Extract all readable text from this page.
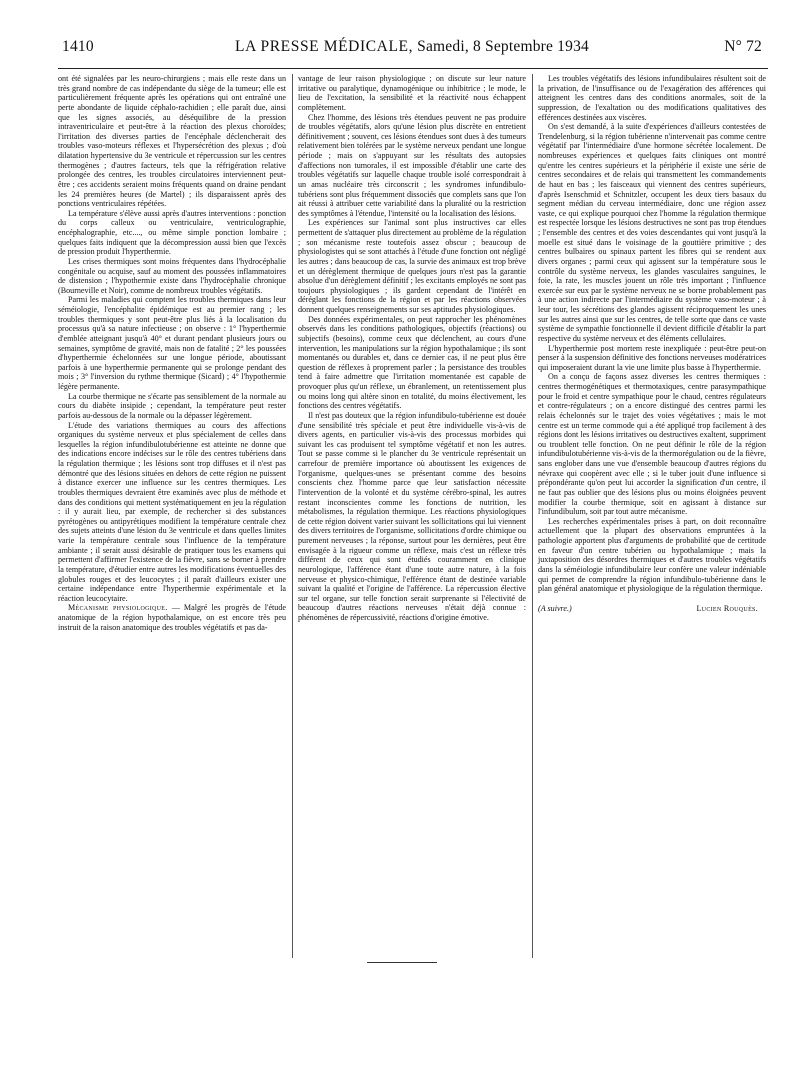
1410	LA PRESSE MÉDICALE, Samedi, 8 Septembre 1934	N° 72

ont été signalées par les neuro-chirurgiens ; mais elle reste dans un très grand nombre de cas indépendante du siège de la tumeur; elle est particulièrement fréquente après les opérations qui ont entraîné une perte abondante de liquide céphalo-rachidien ; elle paraît due, ainsi que les signes associés, au déséquilibre de la pression intraventriculaire et peut-être à la réaction des plexus choroïdes; l'irritation des diverses parties de l'encéphale déclencherait des troubles vaso-moteurs réflexes et l'hypersécrétion des plexus ; d'où dilatation hypertensive du 3e ventricule et répercussion sur les centres thermogènes ; d'autres facteurs, tels que la réfrigération relative prolongée des centres, les troubles circulatoires interviennent peut-être ; ces accidents seraient moins fréquents quand on draine pendant les 24 premières heures (de Martel) ; ils disparaissent après des ponctions ventriculaires répétées.

La température s'élève aussi après d'autres interventions : ponction du corps calleux ou ventriculaire, ventriculographie, encéphalographie, etc...., ou même simple ponction lombaire ; quelques faits indiquent que la décompression aussi bien que l'excès de pression produit l'hyperthermie.

Les crises thermiques sont moins fréquentes dans l'hydrocéphalie congénitale ou acquise, sauf au moment des poussées inflammatoires de distension ; l'hypothermie existe dans l'hydrocéphalie chronique (Bourneville et Noir), comme de nombreux troubles végétatifs.

Parmi les maladies qui comptent les troubles thermiques dans leur séméiologie, l'encéphalite épidémique est au premier rang ; les troubles thermiques y sont peut-être plus liés à la localisation du processus qu'à sa nature infectieuse ; on observe : 1° l'hyperthermie d'emblée atteignant jusqu'à 40° et durant pendant plusieurs jours ou semaines, symptôme de gravité, mais non de fatalité ; 2° les poussées d'hyperthermie échelonnées sur une longue période, aboutissant parfois à une hyperthermie permanente qui se prolonge pendant des mois ; 3° l'inversion du rythme thermique (Sicard) ; 4° l'hypothermie légère permanente.

La courbe thermique ne s'écarte pas sensiblement de la normale au cours du diabète insipide ; cependant, la température peut rester parfois au-dessous de la normale ou la dépasser légèrement.

L'étude des variations thermiques au cours des affections organiques du système nerveux et plus spécialement de celles dans lesquelles la région infundibulotubérienne est atteinte ne donne que des indications encore indécises sur le rôle des centres tubériens dans la régulation thermique ; les lésions sont trop diffuses et il n'est pas démontré que des lésions situées en dehors de cette région ne puissent à distance exercer une influence sur les centres thermiques. Les troubles thermiques devraient être examinés avec plus de méthode et dans des conditions qui mettent systématiquement en jeu la régulation : il y aurait lieu, par exemple, de rechercher si des substances pyrétogènes ou antipyrétiques modifient la température centrale chez des sujets atteints d'une lésion du 3e ventricule et dans quelles limites varie la température centrale sous l'influence de la température ambiante ; il serait aussi désirable de pratiquer tous les examens qui permettent d'affirmer l'existence de la fièvre, sans se borner à prendre la température, d'étudier entre autres les modifications éventuelles des globules rouges et des leucocytes ; il paraît d'ailleurs exister une certaine indépendance entre l'hyperthermie expérimentale et la réaction leucocytaire.

Mécanisme physiologique. — Malgré les progrès de l'étude anatomique de la région hypothalamique, on est encore très peu instruit de la raison anatomique des troubles végétatifs et pas da-

vantage de leur raison physiologique ; on discute sur leur nature irritative ou paralytique, dynamogénique ou inhibitrice ; le mode, le lieu de l'excitation, la sensibilité et la réactivité nous échappent complètement.

Chez l'homme, des lésions très étendues peuvent ne pas produire de troubles végétatifs, alors qu'une lésion plus discrète en entretient définitivement ; souvent, ces lésions étendues sont dues à des tumeurs relativement bien tolérées par le système nerveux pendant une longue période ; mais on s'appuyant sur les résultats des autopsies d'affections non tumorales, il est impossible d'établir une carte des troubles végétatifs sur laquelle chaque trouble isolé correspondrait à un amas nucléaire très circonscrit ; les syndromes infundibulo-tubériens sont plus fréquemment dissociés que complets sans que l'on ait réussi à attribuer cette variabilité dans la pluralité ou la restriction des symptômes à l'étendue, l'intensité ou la localisation des lésions.

Les expériences sur l'animal sont plus instructives car elles permettent de s'attaquer plus directement au problème de la régulation ; son mécanisme reste toutefois assez obscur ; beaucoup de physiologistes qui se sont attachés à l'étude d'une fonction ont négligé les autres ; dans beaucoup de cas, la survie des animaux est trop brève et un dérèglement thermique de quelques jours n'est pas la garantie absolue d'un dérèglement définitif ; les excitants employés ne sont pas toujours physiologiques ; ils gardent cependant de l'intérêt en déréglant les fonctions de la région et par les réactions observées donnent quelques renseignements sur ses aptitudes physiologiques.

Des données expérimentales, on peut rapprocher les phénomènes observés dans les conditions pathologiques, objectifs (réactions) ou subjectifs (besoins), comme ceux que déclenchent, au cours d'une intervention, les manipulations sur la région hypothalamique ; ils sont momentanés ou durables et, dans ce dernier cas, il ne peut plus être question de réflexes à proprement parler ; la persistance des troubles tend à faire admettre que l'irritation momentanée est capable de provoquer plus qu'un réflexe, un ébranlement, un retentissement plus ou moins long qui altère sinon en totalité, du moins électivement, les fonctions des centres végétatifs.

Il n'est pas douteux que la région infundibulo-tubérienne est douée d'une sensibilité très spéciale et peut être individuelle vis-à-vis de divers agents, en particulier vis-à-vis des processus morbides qui suivant les cas produisent tel symptôme végétatif et non les autres. Tout se passe comme si le plancher du 3e ventricule représentait un carrefour de première importance où aboutissent les exigences de l'organisme, quelques-unes se présentant comme des besoins conscients chez l'homme parce que leur satisfaction nécessite l'intervention de la volonté et du système cérébro-spinal, les autres restant inconscientes comme les fonctions de nutrition, les métabolismes, la régulation thermique. Les réactions physiologiques de cette région doivent varier suivant les sollicitations qui lui viennent des divers territoires de l'organisme, sollicitations d'ordre chimique ou purement nerveuses ; la réponse, surtout pour les dernières, peut être envisagée à la rigueur comme un réflexe, mais c'est un réflexe très différent de ceux qui sont étudiés couramment en clinique neurologique, l'afférence étant d'une toute autre nature, à la fois nerveuse et physico-chimique, l'efférence étant de destinée variable suivant la qualité et l'origine de l'afférence. La répercussion élective sur tel organe, sur telle fonction serait surprenante si l'électivité de beaucoup d'autres réactions nerveuses n'était déjà connue : phénomènes de répercussivité, réactions d'origine émotive.

Les troubles végétatifs des lésions infundibulaires résultent soit de la privation, de l'insuffisance ou de l'exagération des afférences qui atteignent les centres dans des conditions anormales, soit de la suppression, de l'exaltation ou des modifications qualitatives des efférences destinées aux viscères.

On s'est demandé, à la suite d'expériences d'ailleurs contestées de Trendelenburg, si la région tubérienne n'intervenait pas comme centre végétatif par l'intermédiaire d'une hormone sécrétée localement. De nombreuses expériences et quelques faits cliniques ont montré qu'entre les centres supérieurs et la périphérie il existe une série de centres secondaires et de relais qui transmettent les commandements de haut en bas ; les faisceaux qui viennent des centres supérieurs, d'après Isenschmid et Schnitzler, occupent les deux tiers basaux du segment médian du cerveau intermédiaire, donc une région assez vaste, ce qui explique pourquoi chez l'homme la régulation thermique est respectée lorsque les lésions destructives ne sont pas trop étendues ; l'ensemble des centres et des voies descendantes qui vont jusqu'à la moelle est situé dans le voisinage de la gouttière primitive ; des centres bulbaires ou spinaux partent les fibres qui se rendent aux divers organes ; parmi ceux qui agissent sur la température sous le contrôle du système nerveux, les glandes vasculaires sanguines, le foie, la rate, les muscles jouent un rôle très important ; l'influence exercée sur eux par le système nerveux ne se borne probablement pas à une action indirecte par l'intermédiaire du système vaso-moteur ; à leur tour, les sécrétions des glandes agissent réciproquement les unes sur les autres ainsi que sur les centres, de telle sorte que dans ce vaste système de sympathie fonctionnelle il devient difficile d'établir la part respective du système nerveux et des éléments cellulaires.

L'hyperthermie post mortem reste inexpliquée : peut-être peut-on penser à la suspension définitive des fonctions nerveuses modératrices qui imposeraient durant la vie une limite plus basse à l'hyperthermie.

On a conçu de façons assez diverses les centres thermiques : centres thermogénétiques et thermotaxiques, centre parasympathique pour le froid et centre sympathique pour le chaud, centres régulateurs et contre-régulateurs ; on a encore distingué des centres parmi les relais échelonnés sur le trajet des voies végétatives ; mais le mot centre est un terme commode qui a été appliqué trop facilement à des régions dont les lésions irritatives ou destructives exaltent, suppriment ou troublent telle fonction. On ne peut définir le rôle de la région infundibulotubérienne vis-à-vis de la thermorégulation ou de la fièvre, sans englober dans une vue d'ensemble beaucoup d'autres régions du névraxe qui coopèrent avec elle ; si le tuber jouit d'une influence si prépondérante qu'on peut lui accorder la signification d'un centre, il ne faut pas oublier que des lésions plus ou moins éloignées peuvent modifier la courbe thermique, soit en agissant à distance sur l'infundibulum, soit par tout autre mécanisme.

Les recherches expérimentales prises à part, on doit reconnaître actuellement que la plupart des observations empruntées à la pathologie apportent plus d'arguments de probabilité que de certitude en faveur d'un centre tubérien ou hypothalamique ; mais la juxtaposition des désordres thermiques et d'autres troubles végétatifs dans la séméiologie infundibulaire leur confère une valeur indéniable qui permet de comprendre la région infundibulo-tubérienne dans le plan général anatomique et physiologique de la régulation thermique.

(A suivre.)	Lucien Rouquès.
